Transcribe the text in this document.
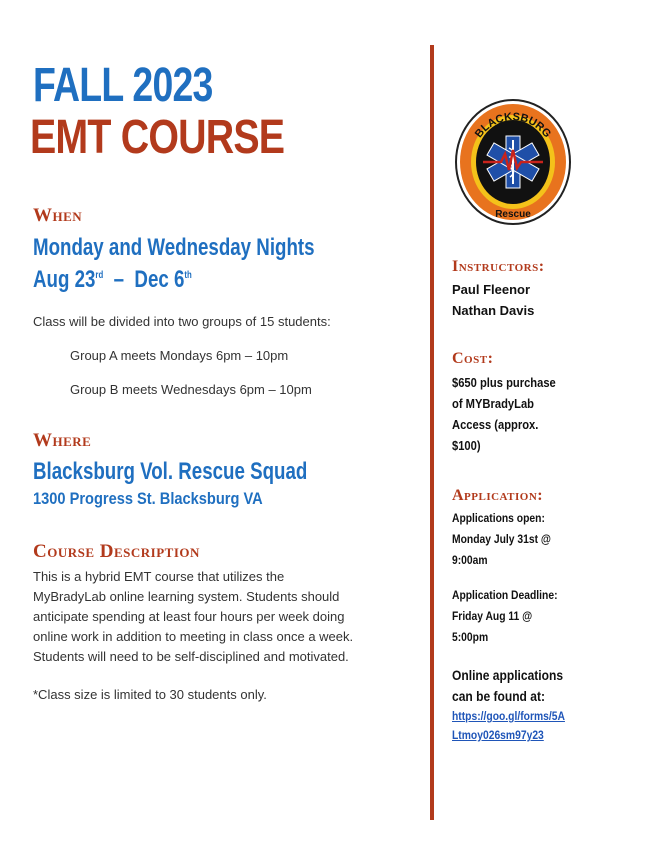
FALL 2023
EMT COURSE
When
Monday and Wednesday Nights
Aug 23rd  –  Dec 6th
Class will be divided into two groups of 15 students:
Group A meets Mondays 6pm – 10pm
Group B meets Wednesdays 6pm – 10pm
Where
Blacksburg Vol. Rescue Squad
1300 Progress St. Blacksburg VA
Course Description
This is a hybrid EMT course that utilizes the
MyBradyLab online learning system. Students should
anticipate spending at least four hours per week doing
online work in addition to meeting in class once a week.
Students will need to be self-disciplined and motivated.
*Class size is limited to 30 students only.
BLACKSBURG
Rescue
Instructors:
Paul Fleenor
Nathan Davis
Cost:
$650 plus purchase
of MYBradyLab
Access (approx.
$100)
Application:
Applications open:
Monday July 31st @
9:00am
Application Deadline:
Friday Aug 11 @
5:00pm
Online applications
can be found at:
https://goo.gl/forms/5A
Ltmoy026sm97y23
